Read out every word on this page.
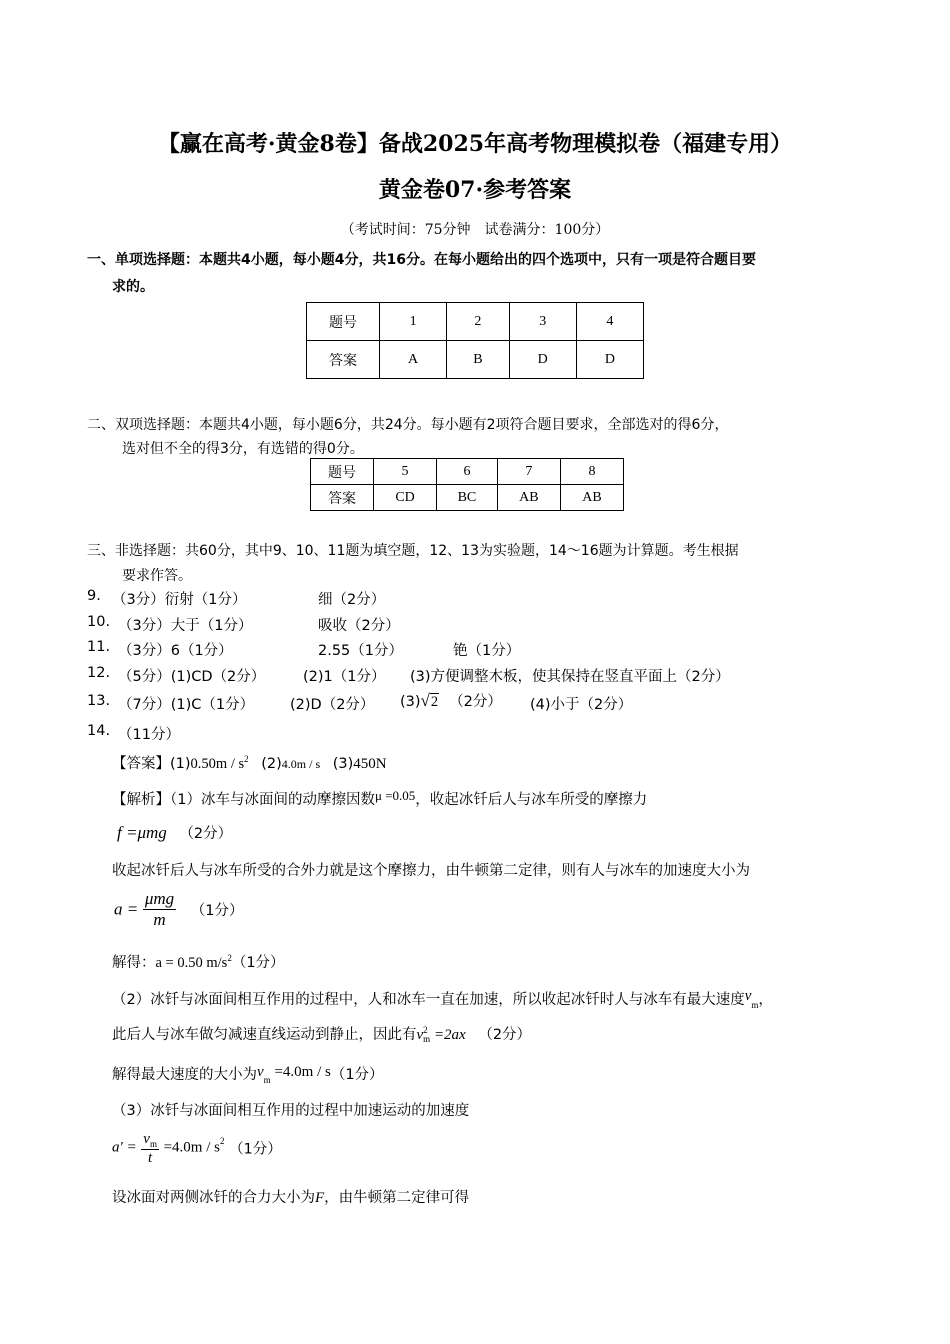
【赢在高考·黄金8卷】备战2025年高考物理模拟卷（福建专用）
黄金卷07·参考答案
（考试时间：75分钟　试卷满分：100分）
一、单项选择题：本题共4小题，每小题4分，共16分。在每小题给出的四个选项中，只有一项是符合题目要
求的。
题号	1	2	3	4
答案	A	B	D	D
二、双项选择题：本题共4小题，每小题6分，共24分。每小题有2项符合题目要求，全部选对的得6分，
选对但不全的得3分，有选错的得0分。
题号	5	6	7	8
答案	CD	BC	AB	AB
三、非选择题：共60分，其中9、10、11题为填空题，12、13为实验题，14～16题为计算题。考生根据
要求作答。
9. （3分）衍射（1分）	细（2分）
10. （3分）大于（1分）	吸收（2分）
11. （3分）6（1分）	2.55（1分）	铯（1分）
12. （5分）(1)CD（2分）	(2)1（1分） (3)方便调整木板，使其保持在竖直平面上（2分）
13. （7分）(1)C（1分） (2)D（2分） (3)√2 （2分） (4)小于（2分）
14. （11分）
【答案】$(1)0.50m / s^2$ (2)4.0m / s (3)450N
【解析】（1）冰车与冰面间的动摩擦因数μ =0.05，收起冰钎后人与冰车所受的摩擦力
f =μmg （2分）
收起冰钎后人与冰车所受的合外力就是这个摩擦力，由牛顿第二定律，则有人与冰车的加速度大小为
$a = \frac{\text{μmg}}{m} (1$分）
解得：a = 0.50 $m/s^2(1$分）
（2）冰钎与冰面间相互作用的过程中，人和冰车一直在加速，所以收起冰钎时人与冰车有最大速度$v_m$，
此后人与冰车做匀减速直线运动到静止，因此有v 2
m =2ax （2分）
解得最大速度的大小为$v_m =4.0m / s(1$分）
（3）冰钎与冰面间相互作用的过程中加速运动的加速度
$a' = \frac{v_m}{t} =4.0m / s^2$ （1分）
设冰面对两侧冰钎的合力大小为F，由牛顿第二定律可得
